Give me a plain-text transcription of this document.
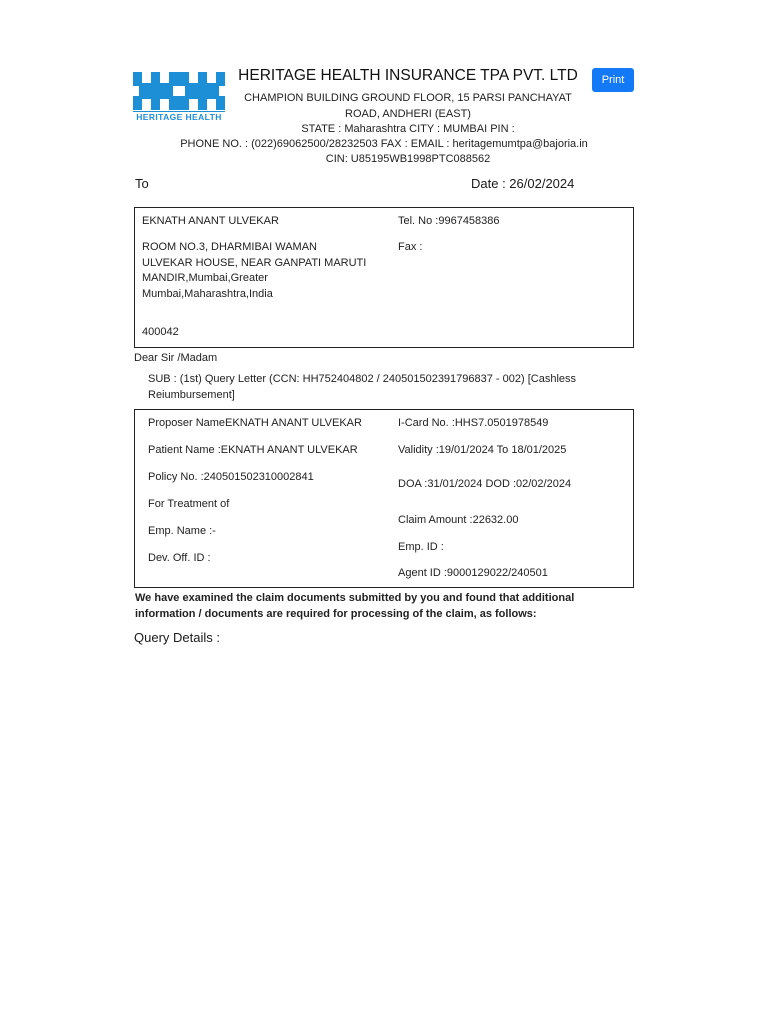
HERITAGE HEALTH
HERITAGE HEALTH INSURANCE TPA PVT. LTD
CHAMPION BUILDING GROUND FLOOR, 15 PARSI PANCHAYAT ROAD, ANDHERI (EAST)
STATE : Maharashtra CITY : MUMBAI PIN :
PHONE NO. : (022)69062500/28232503 FAX : EMAIL : heritagemumtpa@bajoria.in
CIN: U85195WB1998PTC088562
Print
To	Date : 26/02/2024
EKNATH ANANT ULVEKAR
ROOM NO.3, DHARMIBAI WAMAN ULVEKAR HOUSE, NEAR GANPATI MARUTI MANDIR,Mumbai,Greater Mumbai,Maharashtra,India
400042
Tel. No :9967458386
Fax :
Dear Sir /Madam
SUB : (1st) Query Letter (CCN: HH752404802 / 240501502391796837 - 002) [Cashless Reiumbursement]
Proposer NameEKNATH ANANT ULVEKAR
Patient Name :EKNATH ANANT ULVEKAR
Policy No. :240501502310002841
For Treatment of
Emp. Name :-
Dev. Off. ID :
I-Card No. :HHS7.0501978549
Validity :19/01/2024 To 18/01/2025
DOA :31/01/2024 DOD :02/02/2024
Claim Amount :22632.00
Emp. ID :
Agent ID :9000129022/240501
We have examined the claim documents submitted by you and found that additional information / documents are required for processing of the claim, as follows:
Query Details :
